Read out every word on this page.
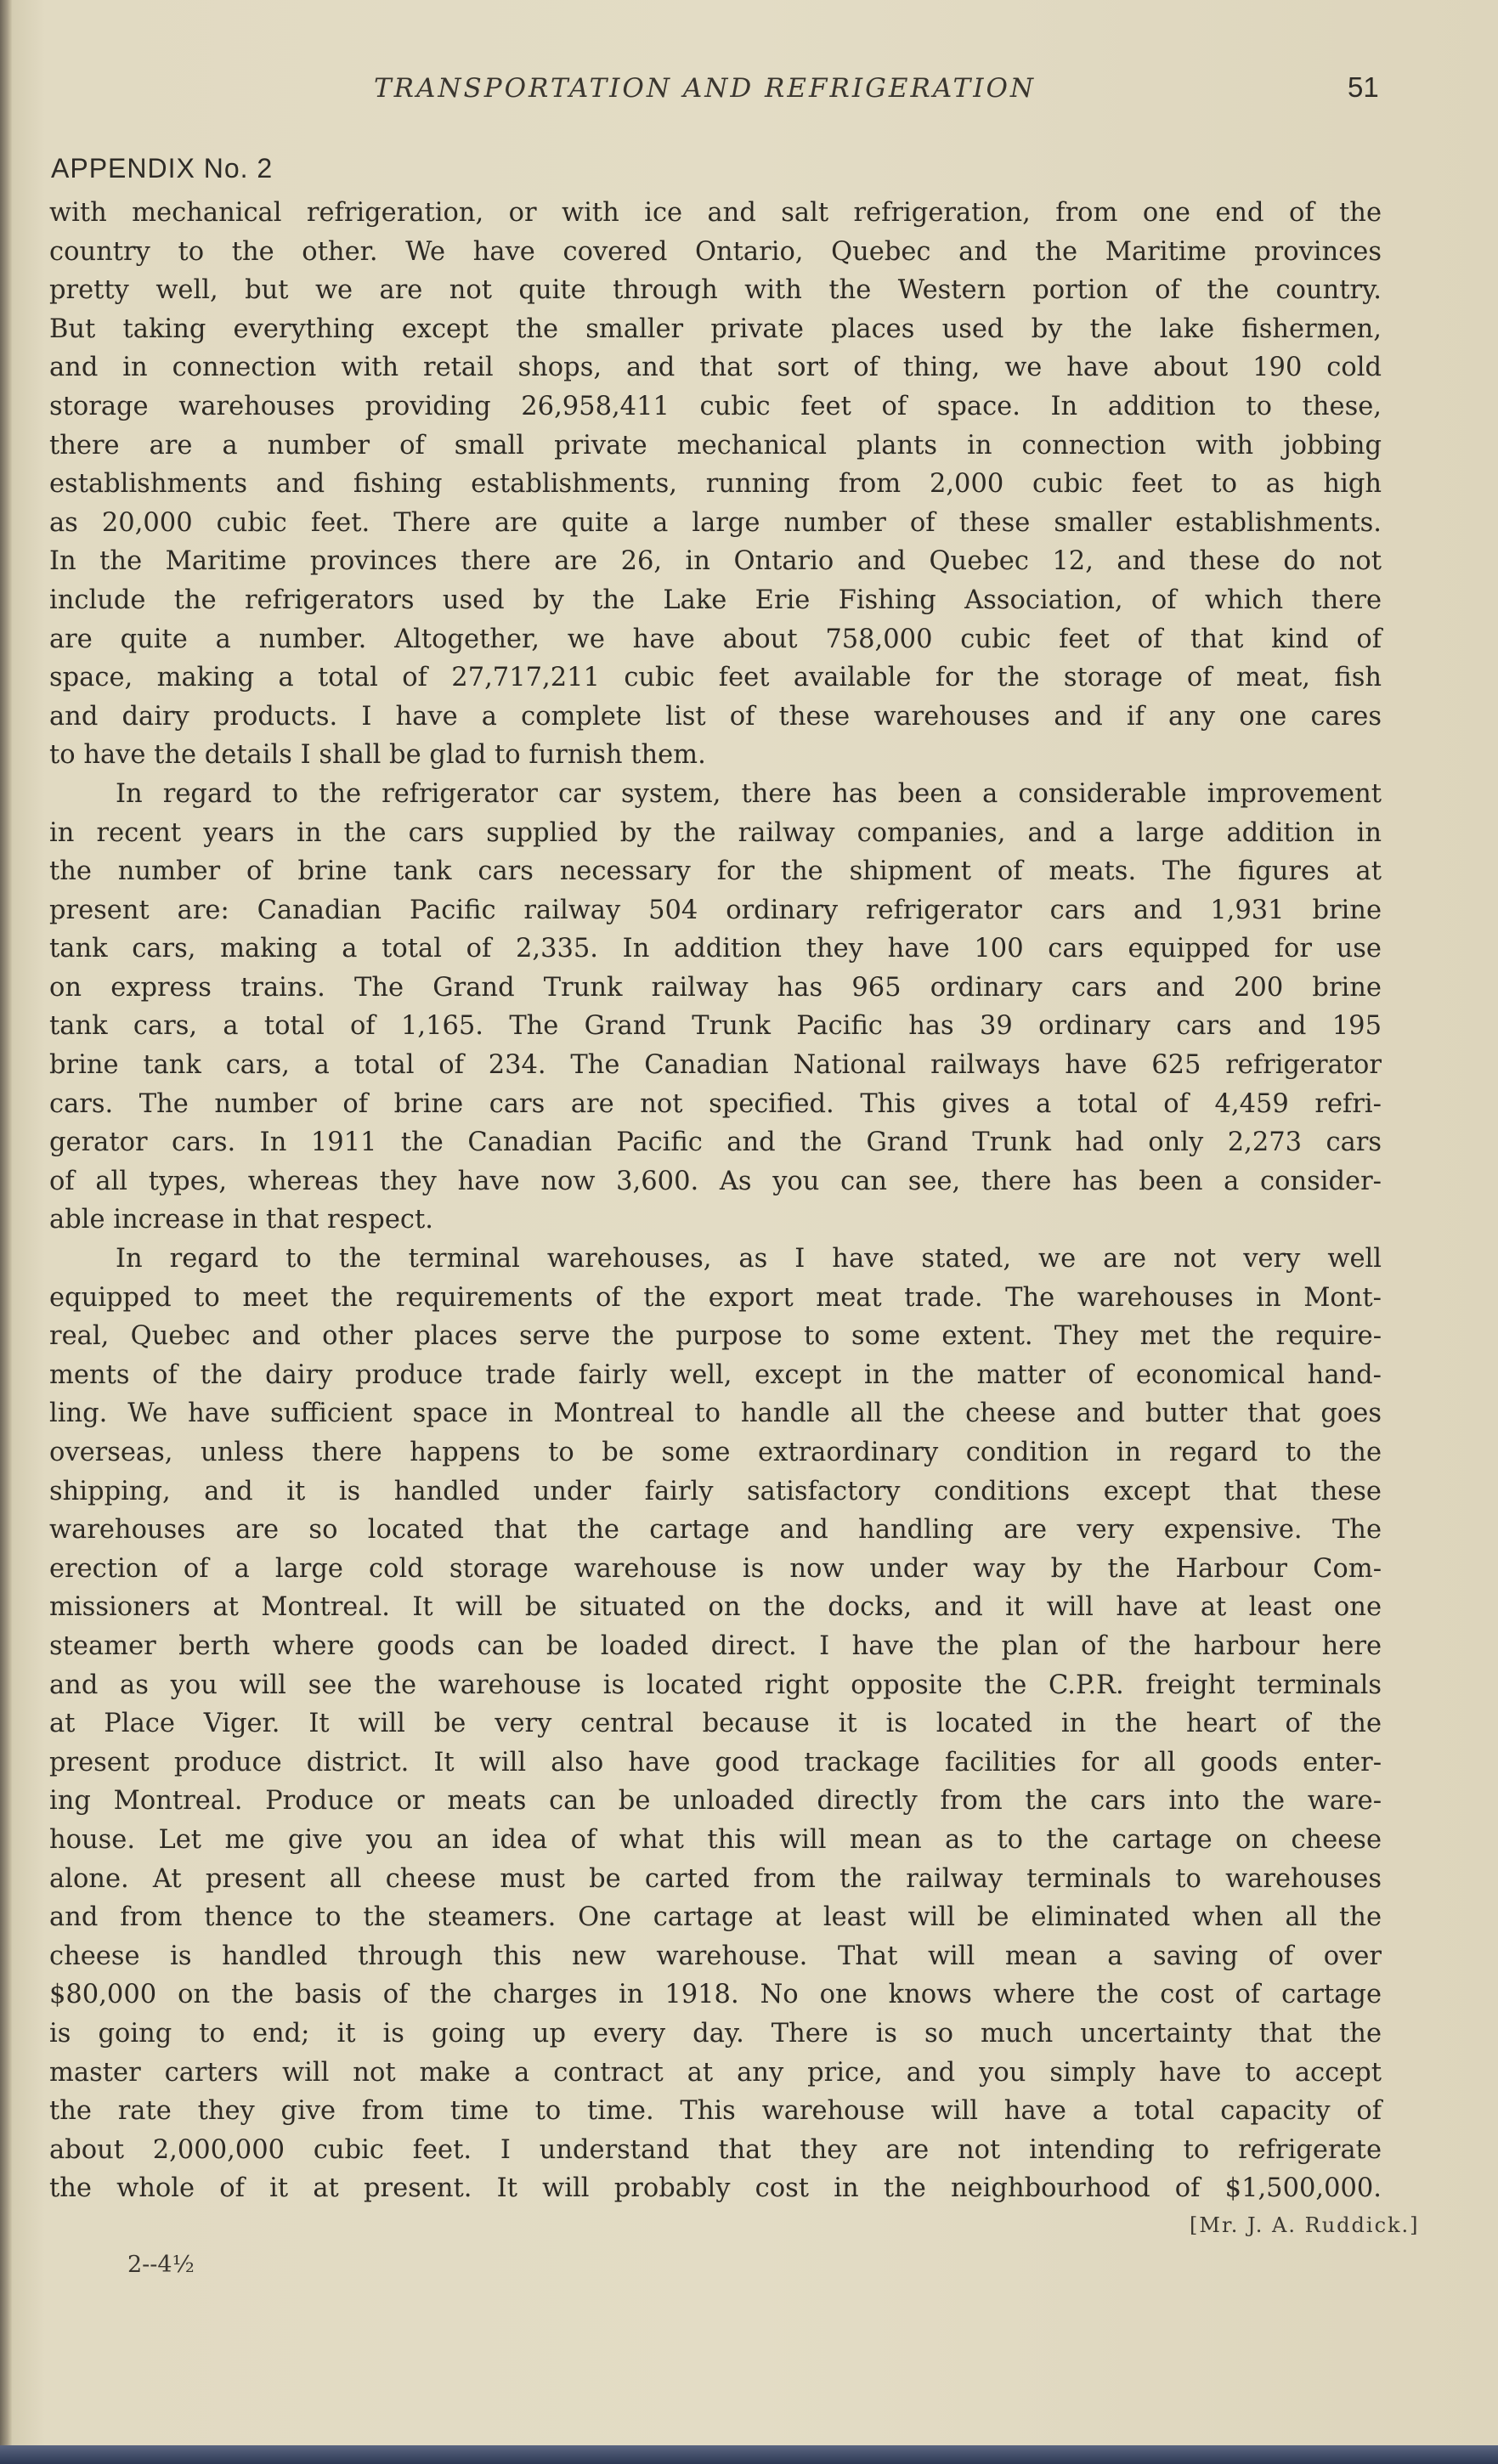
TRANSPORTATION AND REFRIGERATION	51
APPENDIX No. 2
with mechanical refrigeration, or with ice and salt refrigeration, from one end of the
country to the other. We have covered Ontario, Quebec and the Maritime provinces
pretty well, but we are not quite through with the Western portion of the country.
But taking everything except the smaller private places used by the lake fishermen,
and in connection with retail shops, and that sort of thing, we have about 190 cold
storage warehouses providing 26,958,411 cubic feet of space. In addition to these,
there are a number of small private mechanical plants in connection with jobbing
establishments and fishing establishments, running from 2,000 cubic feet to as high
as 20,000 cubic feet. There are quite a large number of these smaller establishments.
In the Maritime provinces there are 26, in Ontario and Quebec 12, and these do not
include the refrigerators used by the Lake Erie Fishing Association, of which there
are quite a number. Altogether, we have about 758,000 cubic feet of that kind of
space, making a total of 27,717,211 cubic feet available for the storage of meat, fish
and dairy products. I have a complete list of these warehouses and if any one cares
to have the details I shall be glad to furnish them.
In regard to the refrigerator car system, there has been a considerable improvement
in recent years in the cars supplied by the railway companies, and a large addition in
the number of brine tank cars necessary for the shipment of meats. The figures at
present are: Canadian Pacific railway 504 ordinary refrigerator cars and 1,931 brine
tank cars, making a total of 2,335. In addition they have 100 cars equipped for use
on express trains. The Grand Trunk railway has 965 ordinary cars and 200 brine
tank cars, a total of 1,165. The Grand Trunk Pacific has 39 ordinary cars and 195
brine tank cars, a total of 234. The Canadian National railways have 625 refrigerator
cars. The number of brine cars are not specified. This gives a total of 4,459 refri-
gerator cars. In 1911 the Canadian Pacific and the Grand Trunk had only 2,273 cars
of all types, whereas they have now 3,600. As you can see, there has been a consider-
able increase in that respect.
In regard to the terminal warehouses, as I have stated, we are not very well
equipped to meet the requirements of the export meat trade. The warehouses in Mont-
real, Quebec and other places serve the purpose to some extent. They met the require-
ments of the dairy produce trade fairly well, except in the matter of economical hand-
ling. We have sufficient space in Montreal to handle all the cheese and butter that goes
overseas, unless there happens to be some extraordinary condition in regard to the
shipping, and it is handled under fairly satisfactory conditions except that these
warehouses are so located that the cartage and handling are very expensive. The
erection of a large cold storage warehouse is now under way by the Harbour Com-
missioners at Montreal. It will be situated on the docks, and it will have at least one
steamer berth where goods can be loaded direct. I have the plan of the harbour here
and as you will see the warehouse is located right opposite the C.P.R. freight terminals
at Place Viger. It will be very central because it is located in the heart of the
present produce district. It will also have good trackage facilities for all goods enter-
ing Montreal. Produce or meats can be unloaded directly from the cars into the ware-
house. Let me give you an idea of what this will mean as to the cartage on cheese
alone. At present all cheese must be carted from the railway terminals to warehouses
and from thence to the steamers. One cartage at least will be eliminated when all the
cheese is handled through this new warehouse. That will mean a saving of over
$80,000 on the basis of the charges in 1918. No one knows where the cost of cartage
is going to end; it is going up every day. There is so much uncertainty that the
master carters will not make a contract at any price, and you simply have to accept
the rate they give from time to time. This warehouse will have a total capacity of
about 2,000,000 cubic feet. I understand that they are not intending to refrigerate
the whole of it at present. It will probably cost in the neighbourhood of $1,500,000.
[Mr. J. A. Ruddick.]
2--4½
